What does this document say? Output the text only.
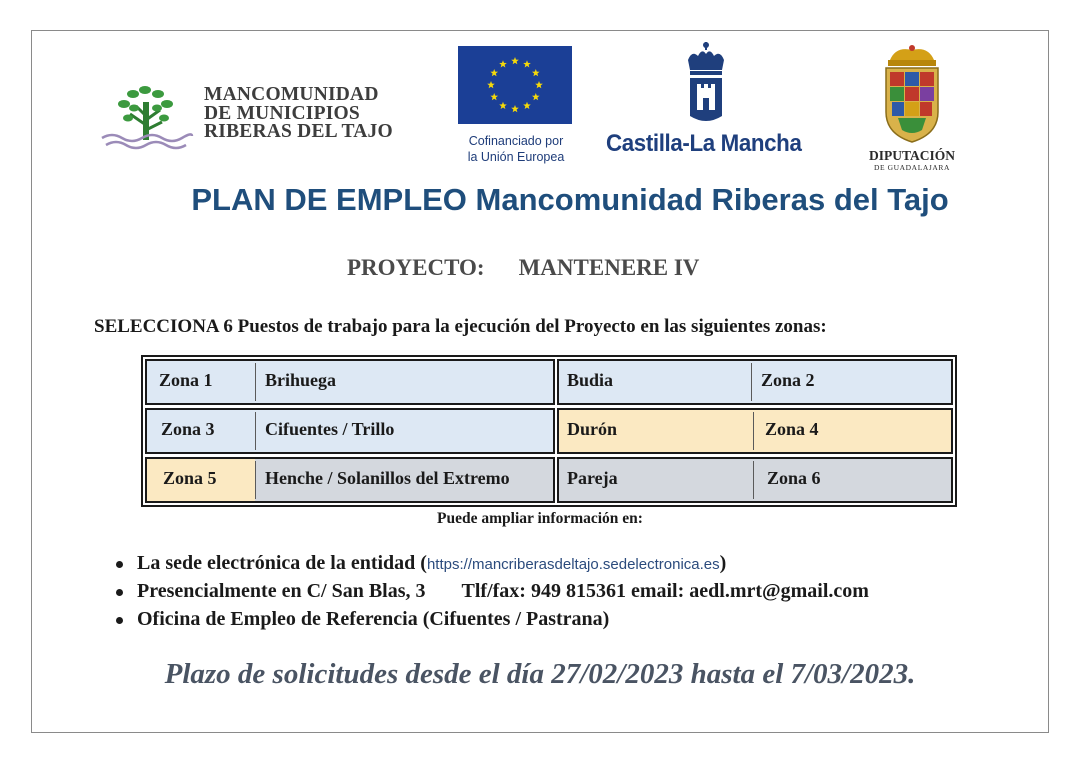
MANCOMUNIDAD
DE MUNICIPIOS
RIBERAS DEL TAJO	Cofinanciado por
la Unión Europea	Castilla-La Mancha	DIPUTACIÓN
DE GUADALAJARA
PLAN DE EMPLEO Mancomunidad Riberas del Tajo
PROYECTO: MANTENERE IV
SELECCIONA 6 Puestos de trabajo para la ejecución del Proyecto en las siguientes zonas:
Zona 1	Brihuega	Budia	Zona 2
Zona 3	Cifuentes / Trillo	Durón	Zona 4
Zona 5	Henche / Solanillos del Extremo	Pareja	Zona 6
Puede ampliar información en:
La sede electrónica de la entidad (https://mancriberasdeltajo.sedelectronica.es)
Presencialmente en C/ San Blas, 3 Tlf/fax: 949 815361 email: aedl.mrt@gmail.com
Oficina de Empleo de Referencia (Cifuentes / Pastrana)
Plazo de solicitudes desde el día 27/02/2023 hasta el 7/03/2023.
